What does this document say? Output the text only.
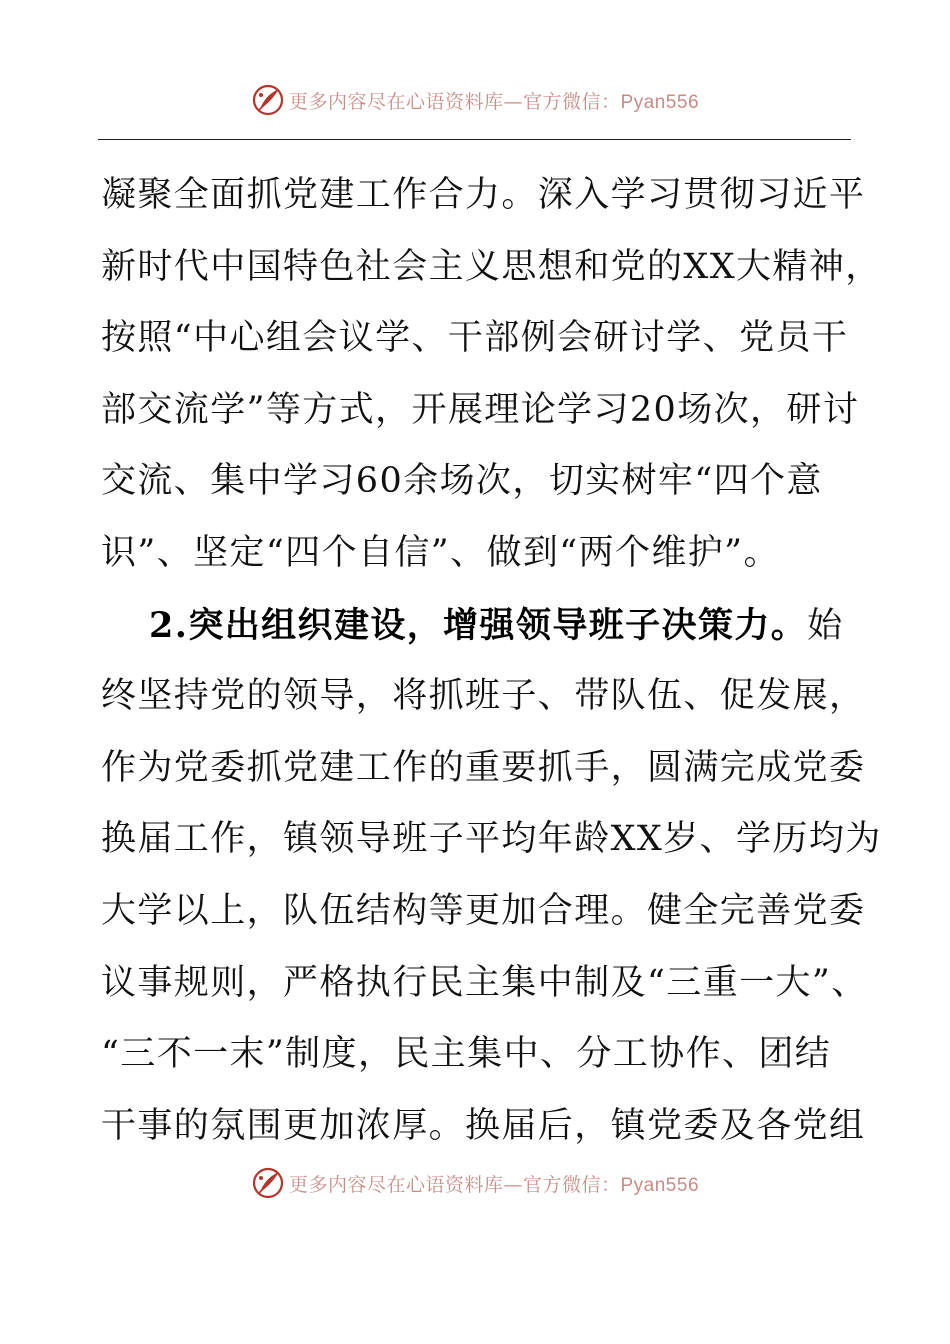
更多内容尽在心语资料库—官方微信：Pyan556
凝聚全面抓党建工作合力。深入学习贯彻习近平
新时代中国特色社会主义思想和党的XX大精神，
按照“中心组会议学、干部例会研讨学、党员干
部交流学”等方式，开展理论学习20场次，研讨
交流、集中学习60余场次，切实树牢“四个意
识”、坚定“四个自信”、做到“两个维护”。
2.突出组织建设，增强领导班子决策力。始
终坚持党的领导，将抓班子、带队伍、促发展，
作为党委抓党建工作的重要抓手，圆满完成党委
换届工作，镇领导班子平均年龄XX岁、学历均为
大学以上，队伍结构等更加合理。健全完善党委
议事规则，严格执行民主集中制及“三重一大”、
“三不一末”制度，民主集中、分工协作、团结
干事的氛围更加浓厚。换届后，镇党委及各党组
更多内容尽在心语资料库—官方微信：Pyan556
